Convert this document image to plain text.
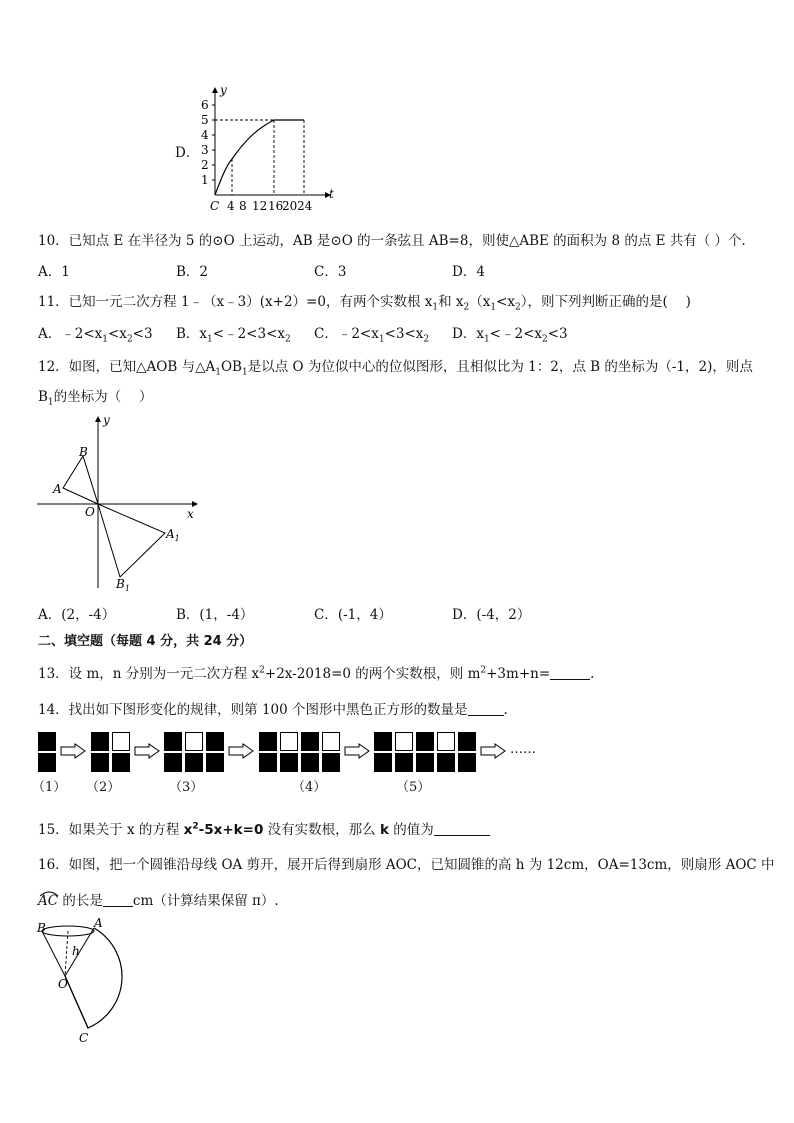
D．
1
2
3
4
5
6
C 4 8 12 16
20 24
y
t
10．已知点 E 在半径为 5 的⊙O 上运动，AB 是⊙O 的一条弦且 AB=8，则使△ABE 的面积为 8 的点 E 共有（ ）个．
A．1	B．2	C．3	D．4
11．已知一元二次方程 1﹣（x﹣3）(x+2）=0，有两个实数根 $x_1$和 $x_2(x_1<x_2)$，则下列判断正确的是(　 )
A．$﹣2<x_1<x_2<3$ B．$x_1<﹣2<3<x_2$ C．$﹣2<x_1<3<x_2$ D．$x_1<﹣2<x_2<3$
12．如图，已知△AOB 与$\triangle A_1OB_1$是以点 O 为位似中心的位似图形，且相似比为 1：2，点 B 的坐标为（-1，2)，则点
$B_1$的坐标为（　 ）
y
x
O
A
B
$A_1$
$B_1$
A．(2，-4）	B．(1，-4）	C．(-1，4）	D．(-4，2）
二、填空题（每题 4 分，共 24 分）
13．设 m，n 分别为一元二次方程 $x^2+2x-2018=0$ 的两个实数根，则 $m^2+3m+n=$	.
14．找出如下图形变化的规律，则第 100 个图形中黑色正方形的数量是	.
……
（1） （2）	（3）	（4）	（5）
15．如果关于 x 的方程 $x^2-5x+k=0$ 没有实数根，那么 k 的值为
16．如图，把一个圆锥沿母线 OA 剪开，展开后得到扇形 AOC，已知圆锥的高 h 为 12cm，OA=13cm，则扇形 AOC 中
AC
的长是 cm（计算结果保留 π）.
B	A
h
O
C
